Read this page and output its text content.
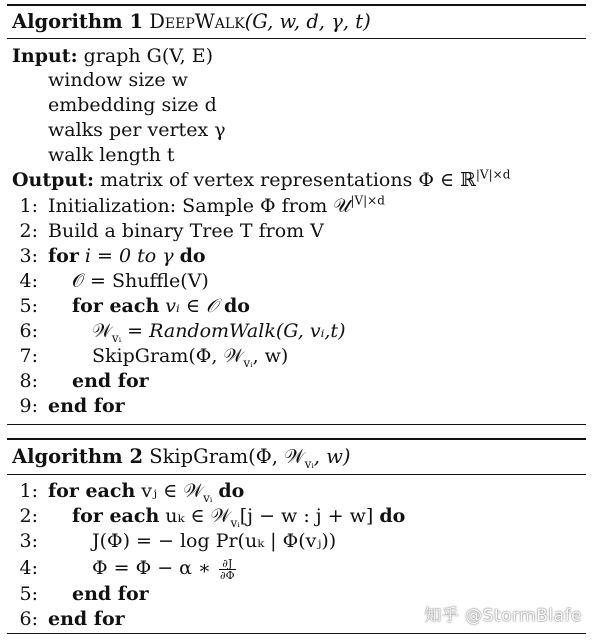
Algorithm 1 DeepWalk(G, w, d, γ, t)
Input: graph G(V, E)
window size w
embedding size d
walks per vertex γ
walk length t
Output: matrix of vertex representations Φ ∈ ℝ$^{|V|\times d}$
1: Initialization: Sample Φ from 𝒰$^{|V|\times d}$
2: Build a binary Tree T from V
3: for i = 0 to γ do
4: 𝒪 = Shuffle(V)
5: for each vᵢ ∈ 𝒪 do
6:	𝒲$_{vᵢ}$ = RandomWalk(G, vᵢ,t)
7:	SkipGram(Φ, 𝒲$_{vᵢ}$, w)
8: end for
9: end for
Algorithm 2 SkipGram(Φ, 𝒲$_{vᵢ}$, w)
1: for each vⱼ ∈ 𝒲$_{vᵢ}$ do
2: for each uₖ ∈ 𝒲$_{vᵢ}$[j − w : j + w] do
3:	J(Φ) = − log Pr(uₖ | Φ(vⱼ))
4:	Φ = Φ − α ∗ $\frac{\partial J}{\partial\Phi}$
5: end for
6: end for	知乎 @StormBlafe
